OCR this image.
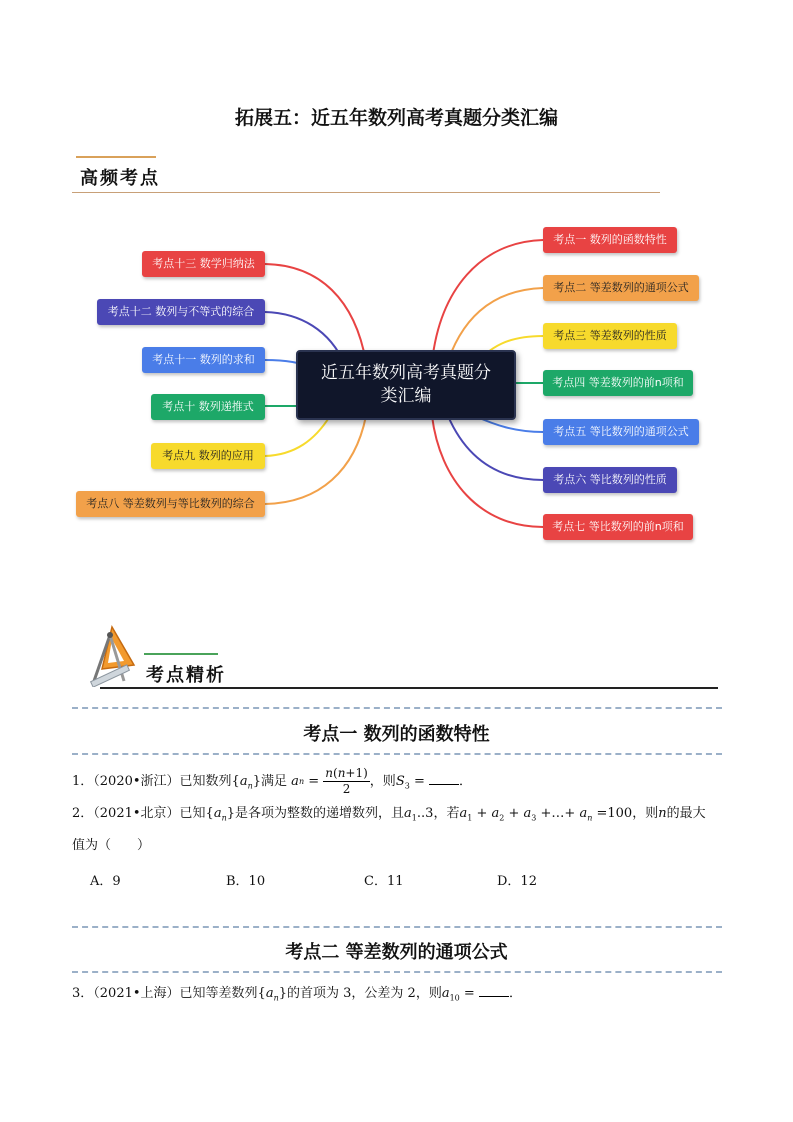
拓展五：近五年数列高考真题分类汇编
高频考点
近五年数列高考真题分
类汇编
考点一 数列的函数特性
考点二 等差数列的通项公式
考点三 等差数列的性质
考点四 等差数列的前n项和
考点五 等比数列的通项公式
考点六 等比数列的性质
考点七 等比数列的前n项和
考点十三 数学归纳法
考点十二 数列与不等式的综合
考点十一 数列的求和
考点十 数列递推式
考点九 数列的应用
考点八 等差数列与等比数列的综合
考点精析
考点一 数列的函数特性
1．（2020•浙江）已知数列$\{a_n\}$满足 a n =
n(n+1)
2 ，则$S_3$ = ．
2．（2021•北京）已知$\{a_n\}$是各项为整数的递增数列，且$a_1..3$，若$a_1 + a_2 + a_3$ +…+ $a_n =100$，则n的最大
值为（　　）
A．9	B．10	C．11	D．12
考点二 等差数列的通项公式
3．（2021•上海）已知等差数列$\{a_n\}$的首项为 3，公差为 2，则$a_{10}$ = ．
